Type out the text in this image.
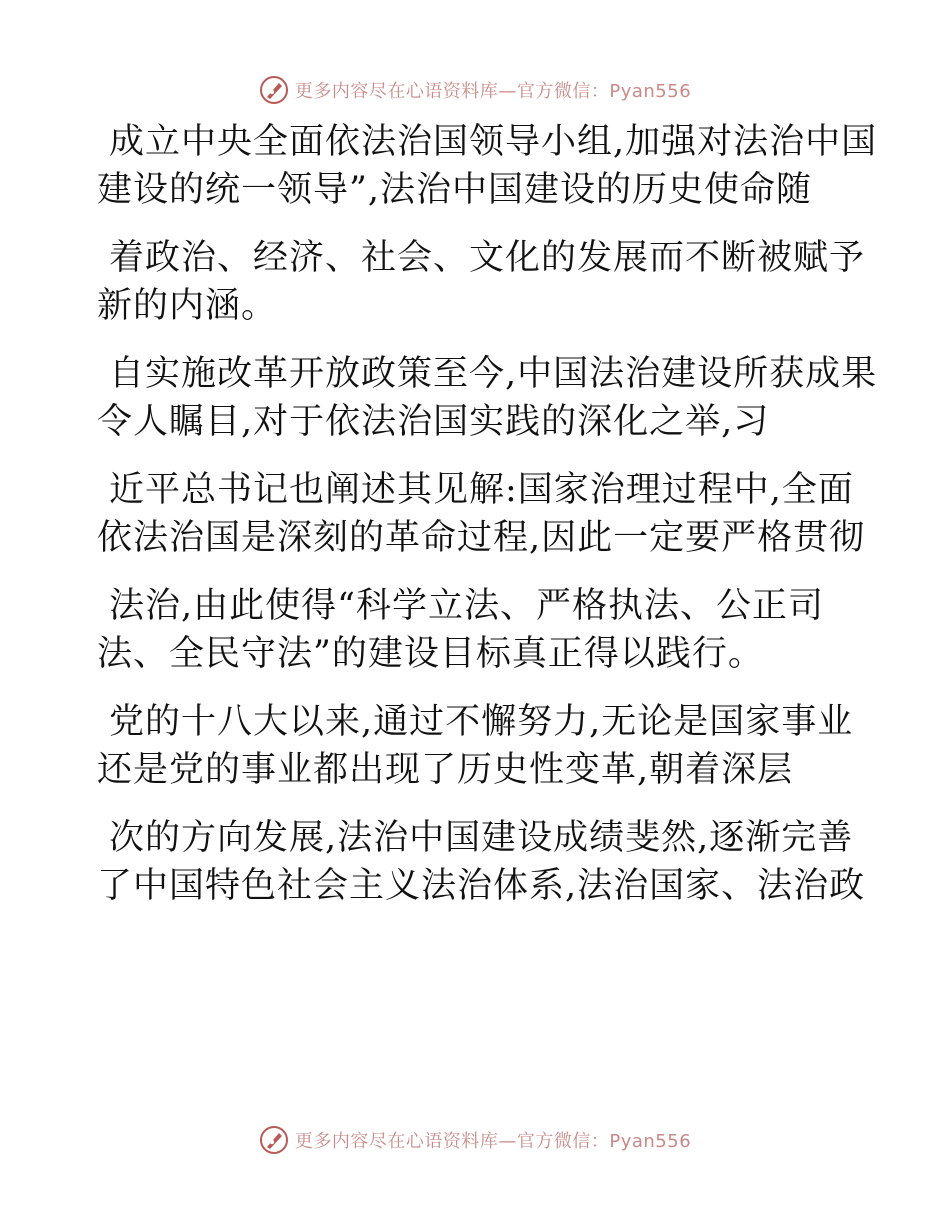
更多内容尽在心语资料库—官方微信：Pyan556
成立中央全面依法治国领导小组,加强对法治中国
建设的统一领导”,法治中国建设的历史使命随
着政治、经济、社会、文化的发展而不断被赋予
新的内涵。
自实施改革开放政策至今,中国法治建设所获成果
令人瞩目,对于依法治国实践的深化之举,习
近平总书记也阐述其见解:国家治理过程中,全面
依法治国是深刻的革命过程,因此一定要严格贯彻
法治,由此使得“科学立法、严格执法、公正司
法、全民守法”的建设目标真正得以践行。
党的十八大以来,通过不懈努力,无论是国家事业
还是党的事业都出现了历史性变革,朝着深层
次的方向发展,法治中国建设成绩斐然,逐渐完善
了中国特色社会主义法治体系,法治国家、法治政
更多内容尽在心语资料库—官方微信：Pyan556
